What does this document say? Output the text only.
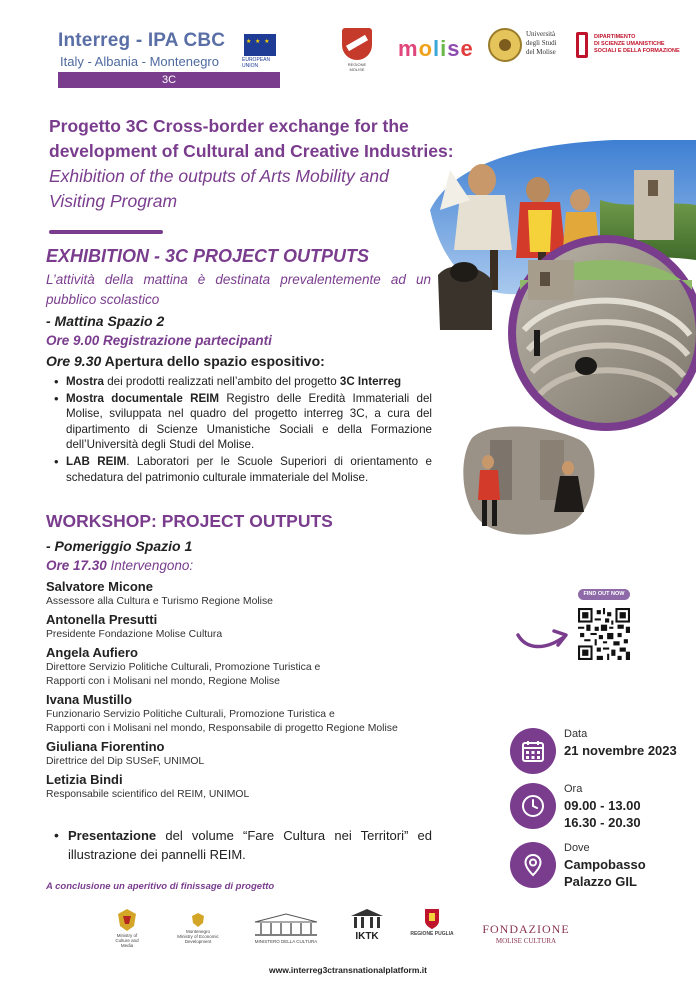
Interreg - IPA CBC
Italy - Albania - Montenegro
3C
★ ★ ★
EUROPEAN UNION	REGIONE MOLISE
molise
Università
degli Studi
del Molise
DIPARTIMENTO
DI SCIENZE UMANISTICHE
SOCIALI E DELLA FORMAZIONE
Progetto 3C Cross-border exchange for the
development of Cultural and Creative Industries:
Exhibition of the outputs of Arts Mobility and
Visiting Program
EXHIBITION - 3C PROJECT OUTPUTS
L’attività della mattina è destinata prevalentemente ad un pubblico scolastico
- Mattina Spazio 2
Ore 9.00 Registrazione partecipanti
Ore 9.30 Apertura dello spazio espositivo:
• Mostra dei prodotti realizzati nell’ambito del progetto 3C Interreg
• Mostra documentale REIM Registro delle Eredità Immateriali del Molise, sviluppata nel quadro del progetto interreg 3C, a cura del dipartimento di Scienze Umanistiche Sociali e della Formazione dell’Università degli Studi del Molise.
• LAB REIM. Laboratori per le Scuole Superiori di orientamento e schedatura del patrimonio culturale immateriale del Molise.
WORKSHOP: PROJECT OUTPUTS
- Pomeriggio Spazio 1
Ore 17.30 Intervengono:
Salvatore Micone
Assessore alla Cultura e Turismo Regione Molise
Antonella Presutti
Presidente Fondazione Molise Cultura
Angela Aufiero
Direttore Servizio Politiche Culturali, Promozione Turistica e
Rapporti con i Molisani nel mondo, Regione Molise
Ivana Mustillo
Funzionario Servizio Politiche Culturali, Promozione Turistica e
Rapporti con i Molisani nel mondo, Responsabile di progetto Regione Molise
Giuliana Fiorentino
Direttrice del Dip SUSeF, UNIMOL
Letizia Bindi
Responsabile scientifico del REIM, UNIMOL
• Presentazione del volume “Fare Cultura nei Territori” ed illustrazione dei pannelli REIM.
A conclusione un aperitivo di finissage di progetto
FIND OUT NOW
Data
21 novembre 2023
Ora
09.00 - 13.00
16.30 - 20.30
Dove
Campobasso
Palazzo GIL
Ministry of Culture and Media
Montenegro
Ministry of Economic Development	MINISTERO DELLA CULTURA	IKTK	REGIONE PUGLIA	FONDAZIONE
MOLISE CULTURA
www.interreg3ctransnationalplatform.it
